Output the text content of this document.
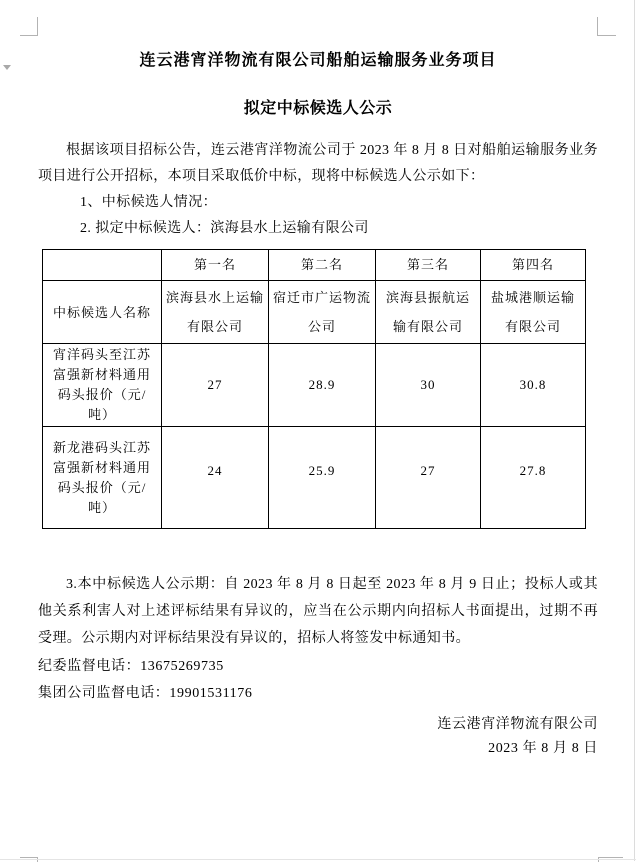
连云港宵洋物流有限公司船舶运输服务业务项目

拟定中标候选人公示

根据该项目招标公告，连云港宵洋物流公司于 2023 年 8 月 8 日对船舶运输服务业务项目进行公开招标，本项目采取低价中标，现将中标候选人公示如下：

1、中标候选人情况：

2. 拟定中标候选人：滨海县水上运输有限公司

	第一名	第二名	第三名	第四名
中标候选人名称	滨海县水上运输有限公司	宿迁市广运物流公司	滨海县振航运输有限公司	盐城港顺运输有限公司
宵洋码头至江苏富强新材料通用码头报价（元/吨）	27	28.9	30	30.8
新龙港码头江苏富强新材料通用码头报价（元/吨）	24	25.9	27	27.8

3.本中标候选人公示期：自 2023 年 8 月 8 日起至 2023 年 8 月 9 日止；投标人或其他关系利害人对上述评标结果有异议的，应当在公示期内向招标人书面提出，过期不再受理。公示期内对评标结果没有异议的，招标人将签发中标通知书。

纪委监督电话：13675269735

集团公司监督电话：19901531176

连云港宵洋物流有限公司

2023 年 8 月 8 日
